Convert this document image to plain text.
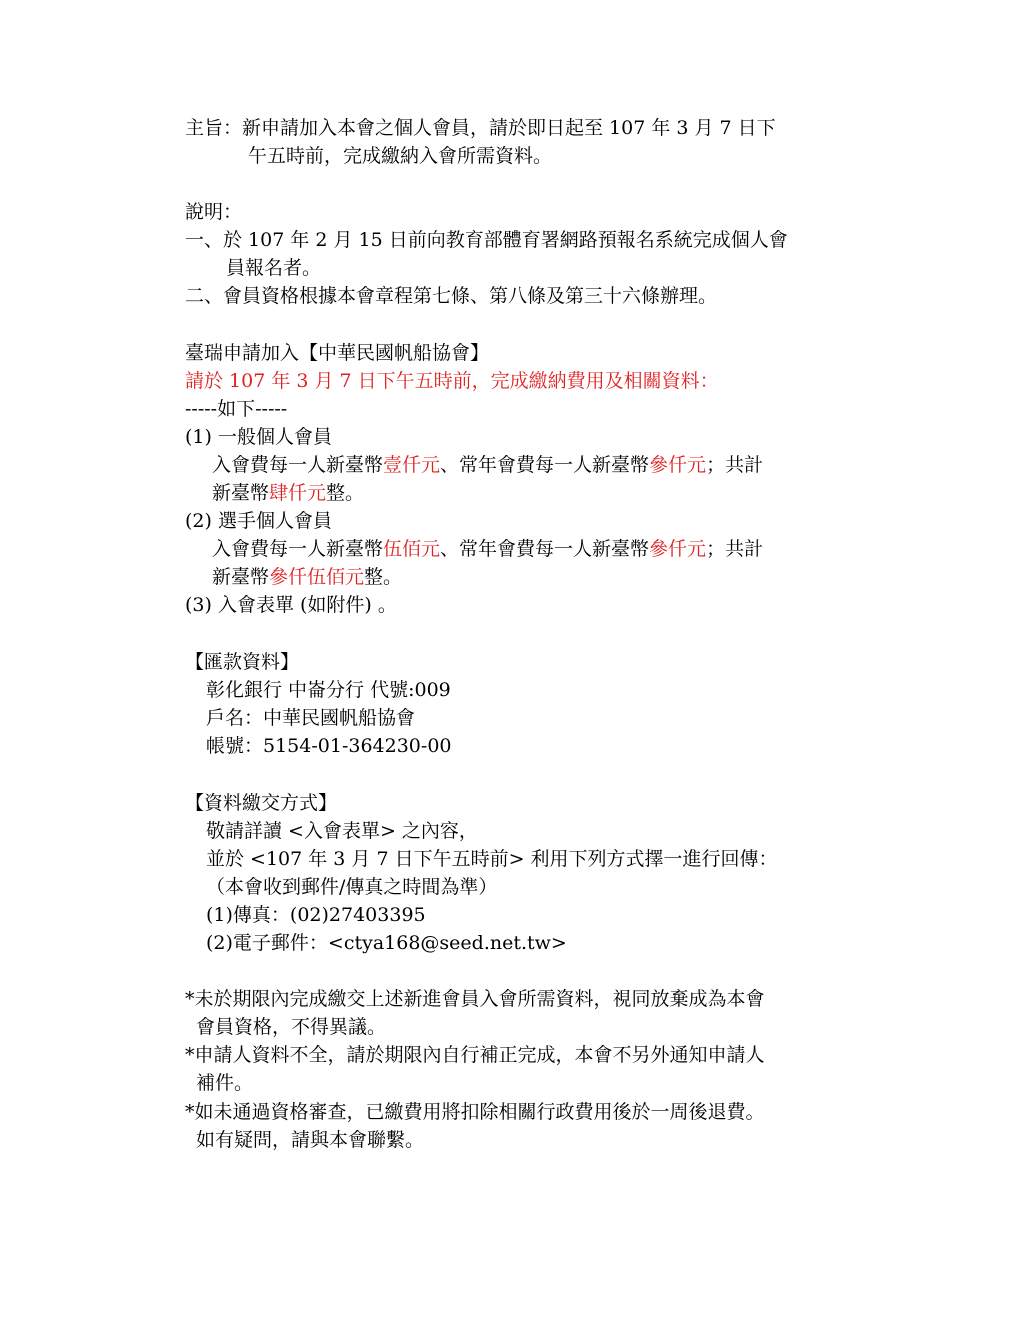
主旨：新申請加入本會之個人會員，請於即日起至 107 年 3 月 7 日下
午五時前，完成繳納入會所需資料。
說明：
一、於 107 年 2 月 15 日前向教育部體育署網路預報名系統完成個人會
員報名者。
二、會員資格根據本會章程第七條、第八條及第三十六條辦理。
臺瑞申請加入【中華民國帆船協會】
請於 107 年 3 月 7 日下午五時前，完成繳納費用及相關資料：
-----如下-----
(1) 一般個人會員
入會費每一人新臺幣壹仟元、常年會費每一人新臺幣參仟元；共計
新臺幣肆仟元整。
(2) 選手個人會員
入會費每一人新臺幣伍佰元、常年會費每一人新臺幣參仟元；共計
新臺幣參仟伍佰元整。
(3) 入會表單 (如附件) 。
【匯款資料】
彰化銀行 中崙分行 代號:009
戶名：中華民國帆船協會
帳號：5154-01-364230-00
【資料繳交方式】
敬請詳讀 <入會表單> 之內容，
並於 <107 年 3 月 7 日下午五時前> 利用下列方式擇一進行回傳：
（本會收到郵件/傳真之時間為準）
(1)傳真：(02)27403395
(2)電子郵件：<ctya168@seed.net.tw>
*未於期限內完成繳交上述新進會員入會所需資料，視同放棄成為本會
會員資格，不得異議。
*申請人資料不全，請於期限內自行補正完成，本會不另外通知申請人
補件。
*如未通過資格審查，已繳費用將扣除相關行政費用後於一周後退費。
如有疑問，請與本會聯繫。
